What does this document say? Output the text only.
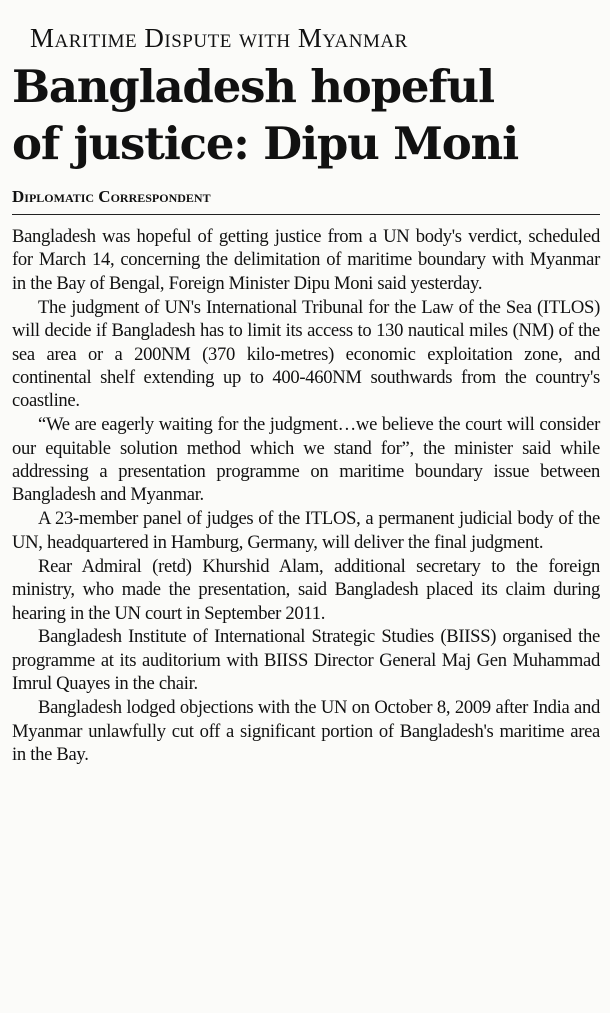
Maritime Dispute with Myanmar
Bangladesh hopeful
of justice: Dipu Moni
Diplomatic Correspondent

Bangladesh was hopeful of getting justice from a UN body's verdict, scheduled for March 14, concerning the delimitation of maritime boundary with Myanmar in the Bay of Bengal, Foreign Minister Dipu Moni said yesterday.

The judgment of UN's International Tribunal for the Law of the Sea (ITLOS) will decide if Bangladesh has to limit its access to 130 nautical miles (NM) of the sea area or a 200NM (370 kilo-metres) economic exploitation zone, and continental shelf extending up to 400-460NM southwards from the country's coastline.

“We are eagerly waiting for the judgment…we believe the court will consider our equitable solution method which we stand for”, the minister said while addressing a presentation programme on maritime boundary issue between Bangladesh and Myanmar.

A 23-member panel of judges of the ITLOS, a permanent judicial body of the UN, headquartered in Hamburg, Germany, will deliver the final judgment.

Rear Admiral (retd) Khurshid Alam, additional secretary to the foreign ministry, who made the presentation, said Bangladesh placed its claim during hearing in the UN court in September 2011.

Bangladesh Institute of International Strategic Studies (BIISS) organised the programme at its auditorium with BIISS Director General Maj Gen Muhammad Imrul Quayes in the chair.

Bangladesh lodged objections with the UN on October 8, 2009 after India and Myanmar unlawfully cut off a significant portion of Bangladesh's maritime area in the Bay.
